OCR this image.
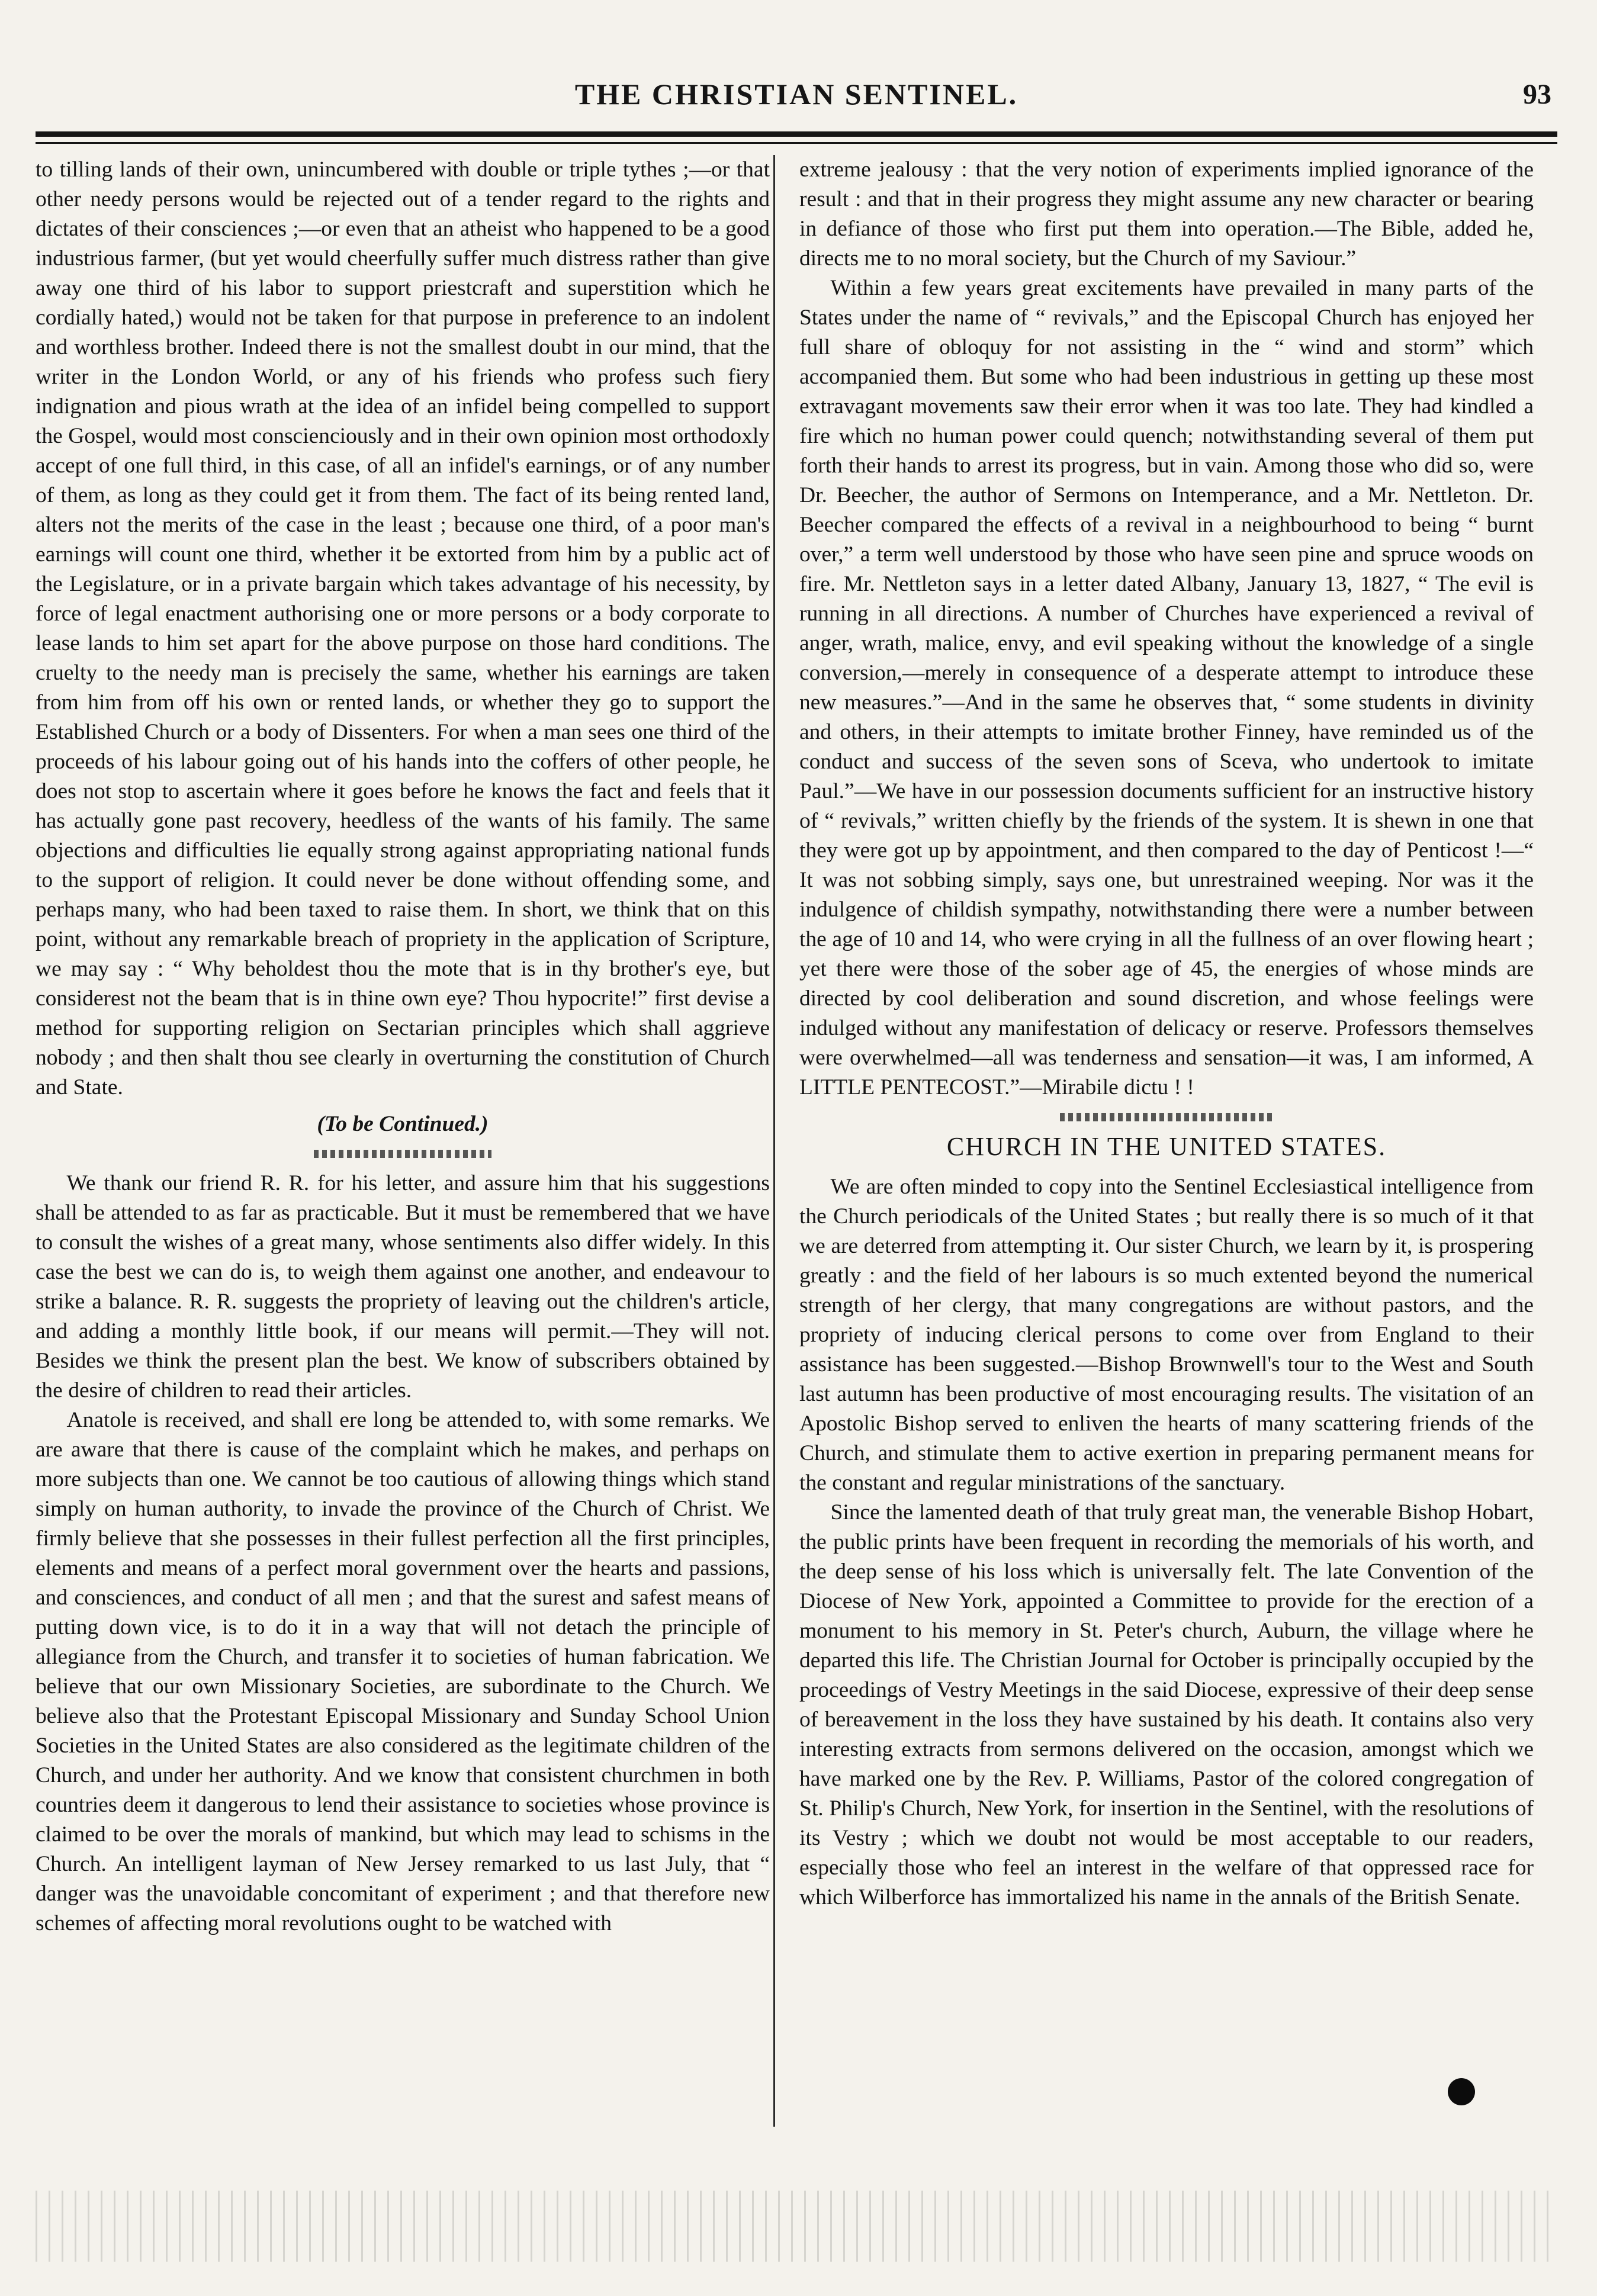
THE CHRISTIAN SENTINEL.	93

to tilling lands of their own, unincumbered with double or triple tythes ;—or that other needy persons would be rejected out of a tender regard to the rights and dictates of their consciences ;—or even that an atheist who happened to be a good industrious farmer, (but yet would cheerfully suffer much distress rather than give away one third of his labor to support priestcraft and superstition which he cordially hated,) would not be taken for that purpose in preference to an indolent and worthless brother. Indeed there is not the smallest doubt in our mind, that the writer in the London World, or any of his friends who profess such fiery indignation and pious wrath at the idea of an infidel being compelled to support the Gospel, would most conscienciously and in their own opinion most orthodoxly accept of one full third, in this case, of all an infidel's earnings, or of any number of them, as long as they could get it from them. The fact of its being rented land, alters not the merits of the case in the least ; because one third, of a poor man's earnings will count one third, whether it be extorted from him by a public act of the Legislature, or in a private bargain which takes advantage of his necessity, by force of legal enactment authorising one or more persons or a body corporate to lease lands to him set apart for the above purpose on those hard conditions. The cruelty to the needy man is precisely the same, whether his earnings are taken from him from off his own or rented lands, or whether they go to support the Established Church or a body of Dissenters. For when a man sees one third of the proceeds of his labour going out of his hands into the coffers of other people, he does not stop to ascertain where it goes before he knows the fact and feels that it has actually gone past recovery, heedless of the wants of his family. The same objections and difficulties lie equally strong against appropriating national funds to the support of religion. It could never be done without offending some, and perhaps many, who had been taxed to raise them. In short, we think that on this point, without any remarkable breach of propriety in the application of Scripture, we may say : “ Why beholdest thou the mote that is in thy brother's eye, but considerest not the beam that is in thine own eye? Thou hypocrite!” first devise a method for supporting religion on Sectarian principles which shall aggrieve nobody ; and then shalt thou see clearly in overturning the constitution of Church and State.

(To be Continued.)

We thank our friend R. R. for his letter, and assure him that his suggestions shall be attended to as far as practicable. But it must be remembered that we have to consult the wishes of a great many, whose sentiments also differ widely. In this case the best we can do is, to weigh them against one another, and endeavour to strike a balance. R. R. suggests the propriety of leaving out the children's article, and adding a monthly little book, if our means will permit.—They will not. Besides we think the present plan the best. We know of subscribers obtained by the desire of children to read their articles.

Anatole is received, and shall ere long be attended to, with some remarks. We are aware that there is cause of the complaint which he makes, and perhaps on more subjects than one. We cannot be too cautious of allowing things which stand simply on human authority, to invade the province of the Church of Christ. We firmly believe that she possesses in their fullest perfection all the first principles, elements and means of a perfect moral government over the hearts and passions, and consciences, and conduct of all men ; and that the surest and safest means of putting down vice, is to do it in a way that will not detach the principle of allegiance from the Church, and transfer it to societies of human fabrication. We believe that our own Missionary Societies, are subordinate to the Church. We believe also that the Protestant Episcopal Missionary and Sunday School Union Societies in the United States are also considered as the legitimate children of the Church, and under her authority. And we know that consistent churchmen in both countries deem it dangerous to lend their assistance to societies whose province is claimed to be over the morals of mankind, but which may lead to schisms in the Church. An intelligent layman of New Jersey remarked to us last July, that “ danger was the unavoidable concomitant of experiment ; and that therefore new schemes of affecting moral revolutions ought to be watched with

extreme jealousy : that the very notion of experiments implied ignorance of the result : and that in their progress they might assume any new character or bearing in defiance of those who first put them into operation.—The Bible, added he, directs me to no moral society, but the Church of my Saviour.”

Within a few years great excitements have prevailed in many parts of the States under the name of “ revivals,” and the Episcopal Church has enjoyed her full share of obloquy for not assisting in the “ wind and storm” which accompanied them. But some who had been industrious in getting up these most extravagant movements saw their error when it was too late. They had kindled a fire which no human power could quench; notwithstanding several of them put forth their hands to arrest its progress, but in vain. Among those who did so, were Dr. Beecher, the author of Sermons on Intemperance, and a Mr. Nettleton. Dr. Beecher compared the effects of a revival in a neighbourhood to being “ burnt over,” a term well understood by those who have seen pine and spruce woods on fire. Mr. Nettleton says in a letter dated Albany, January 13, 1827, “ The evil is running in all directions. A number of Churches have experienced a revival of anger, wrath, malice, envy, and evil speaking without the knowledge of a single conversion,—merely in consequence of a desperate attempt to introduce these new measures.”—And in the same he observes that, “ some students in divinity and others, in their attempts to imitate brother Finney, have reminded us of the conduct and success of the seven sons of Sceva, who undertook to imitate Paul.”—We have in our possession documents sufficient for an instructive history of “ revivals,” written chiefly by the friends of the system. It is shewn in one that they were got up by appointment, and then compared to the day of Penticost !—“ It was not sobbing simply, says one, but unrestrained weeping. Nor was it the indulgence of childish sympathy, notwithstanding there were a number between the age of 10 and 14, who were crying in all the fullness of an over flowing heart ; yet there were those of the sober age of 45, the energies of whose minds are directed by cool deliberation and sound discretion, and whose feelings were indulged without any manifestation of delicacy or reserve. Professors themselves were overwhelmed—all was tenderness and sensation—it was, I am informed, A LITTLE PENTECOST.”—Mirabile dictu ! !

CHURCH IN THE UNITED STATES.

We are often minded to copy into the Sentinel Ecclesiastical intelligence from the Church periodicals of the United States ; but really there is so much of it that we are deterred from attempting it. Our sister Church, we learn by it, is prospering greatly : and the field of her labours is so much extented beyond the numerical strength of her clergy, that many congregations are without pastors, and the propriety of inducing clerical persons to come over from England to their assistance has been suggested.—Bishop Brownwell's tour to the West and South last autumn has been productive of most encouraging results. The visitation of an Apostolic Bishop served to enliven the hearts of many scattering friends of the Church, and stimulate them to active exertion in preparing permanent means for the constant and regular ministrations of the sanctuary.

Since the lamented death of that truly great man, the venerable Bishop Hobart, the public prints have been frequent in recording the memorials of his worth, and the deep sense of his loss which is universally felt. The late Convention of the Diocese of New York, appointed a Committee to provide for the erection of a monument to his memory in St. Peter's church, Auburn, the village where he departed this life. The Christian Journal for October is principally occupied by the proceedings of Vestry Meetings in the said Diocese, expressive of their deep sense of bereavement in the loss they have sustained by his death. It contains also very interesting extracts from sermons delivered on the occasion, amongst which we have marked one by the Rev. P. Williams, Pastor of the colored congregation of St. Philip's Church, New York, for insertion in the Sentinel, with the resolutions of its Vestry ; which we doubt not would be most acceptable to our readers, especially those who feel an interest in the welfare of that oppressed race for which Wilberforce has immortalized his name in the annals of the British Senate.
